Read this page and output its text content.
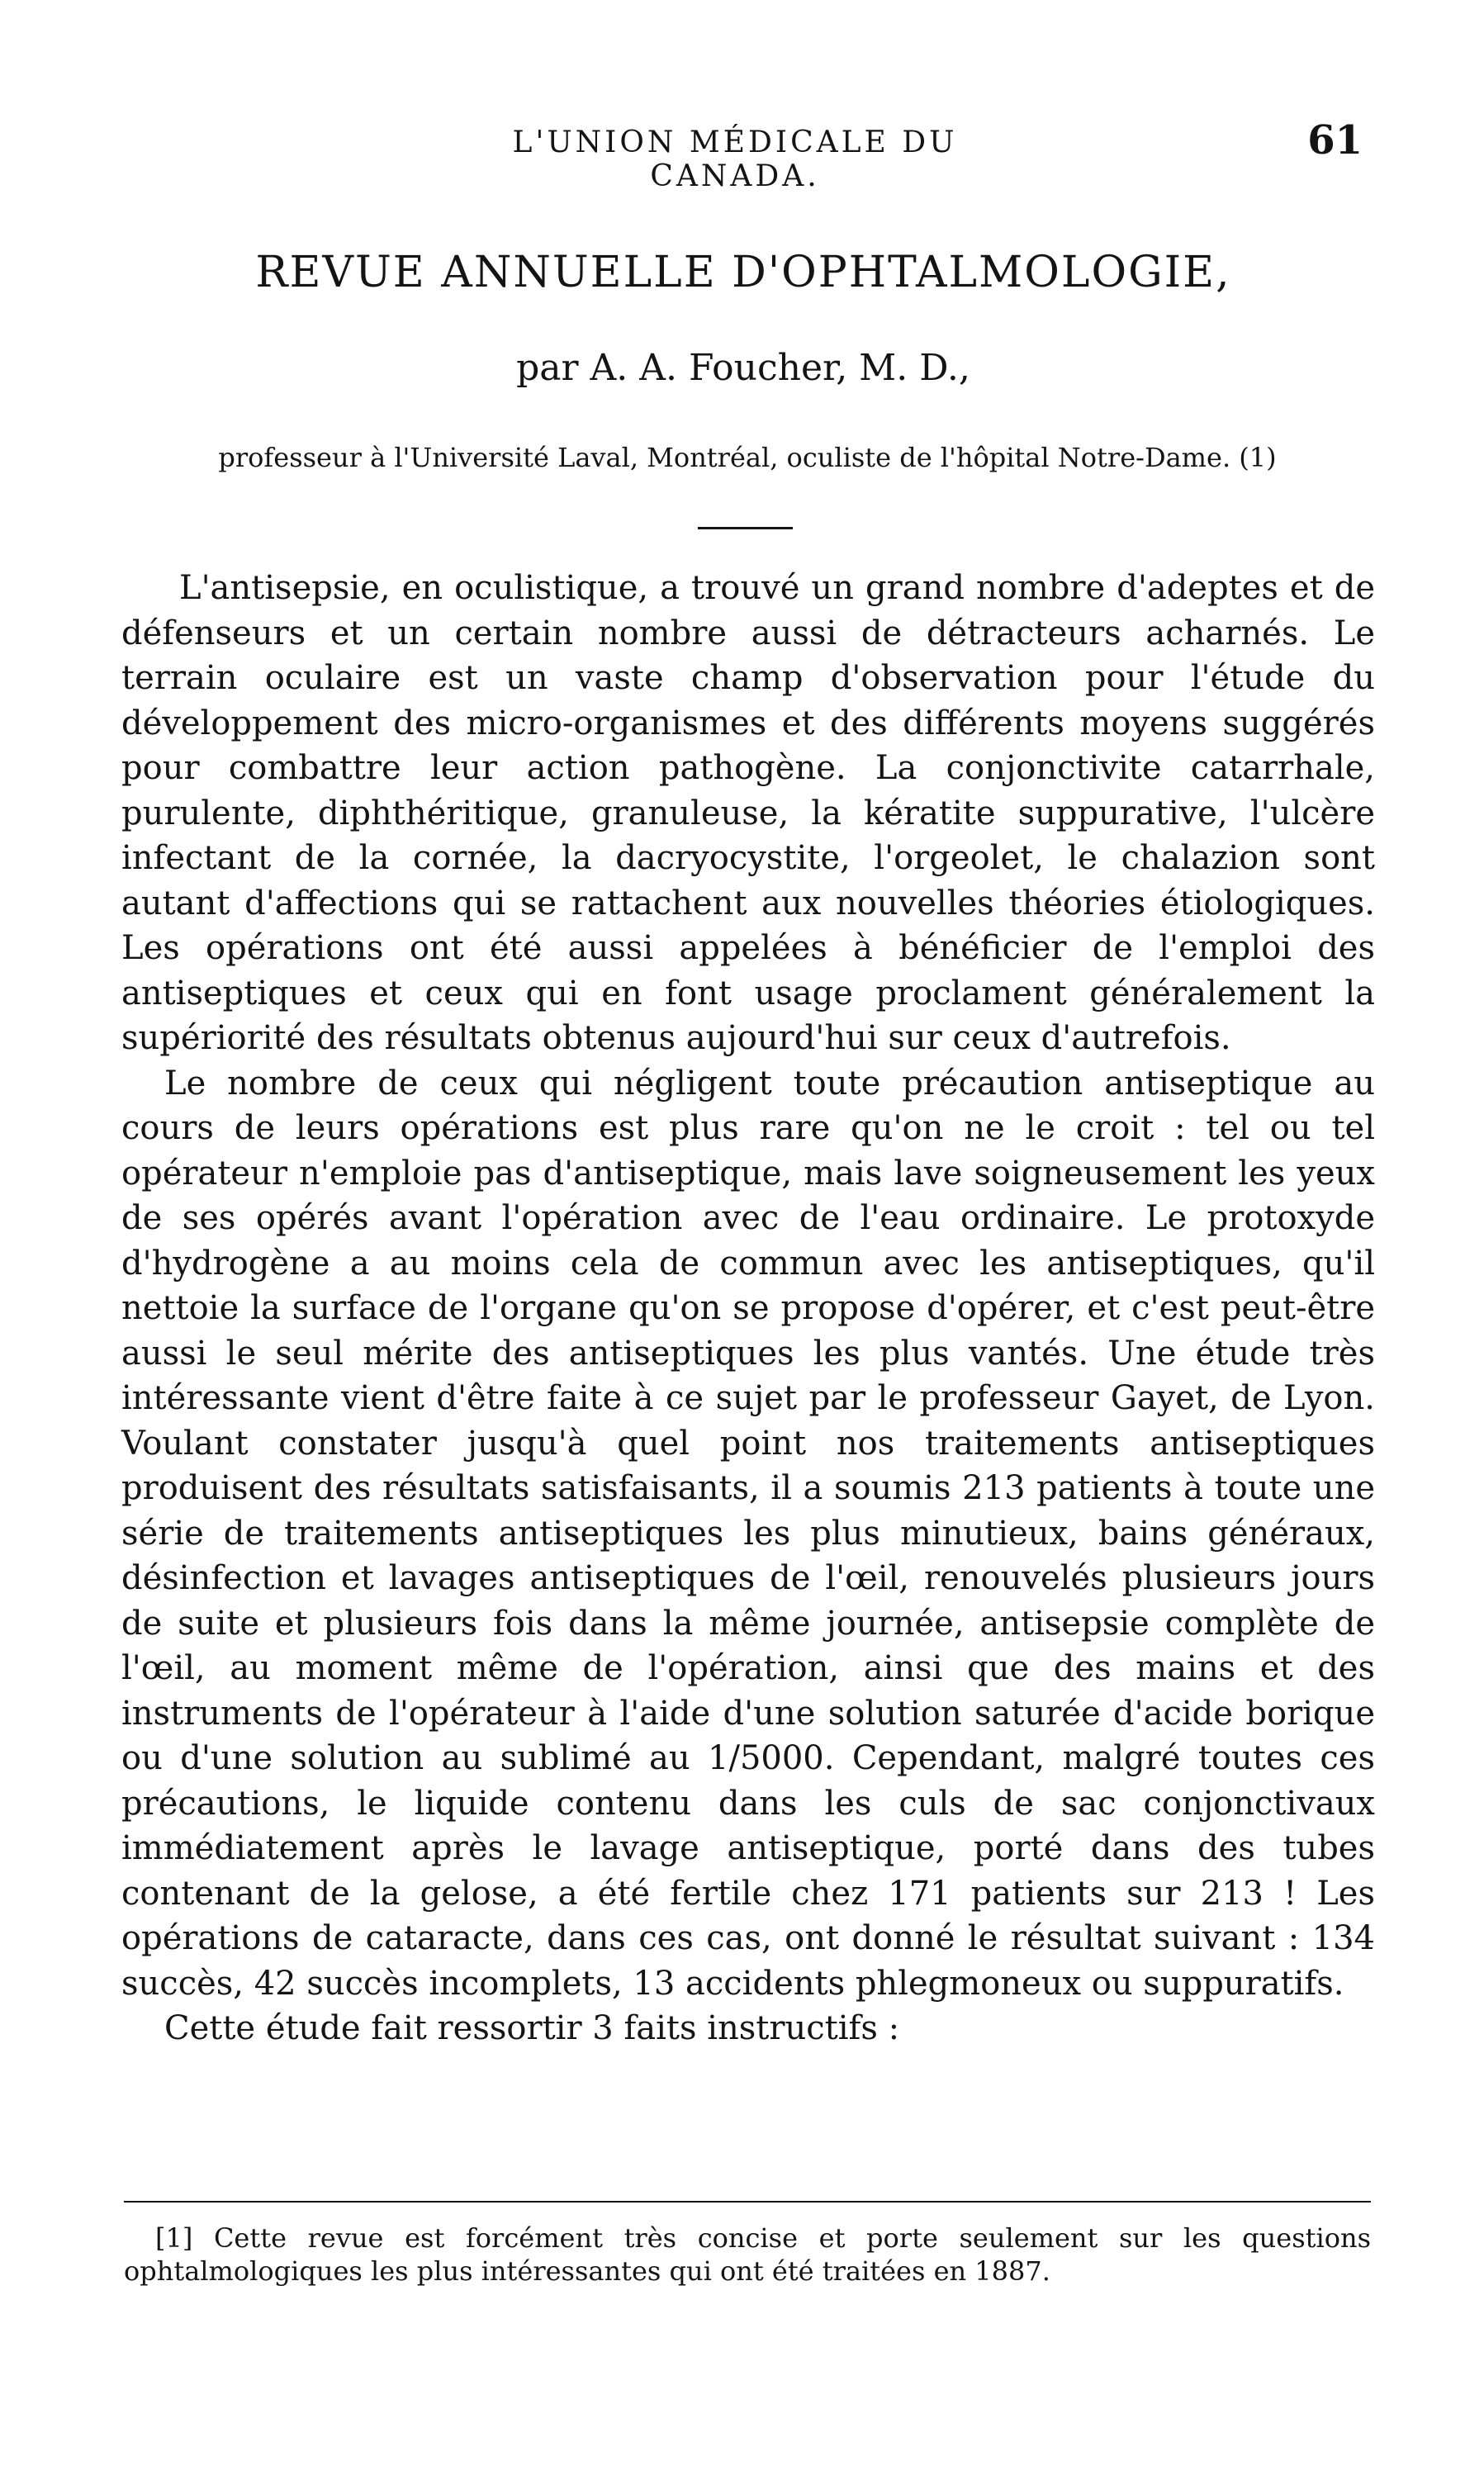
L'UNION MÉDICALE DU CANADA.
61
REVUE ANNUELLE D'OPHTALMOLOGIE,
par A. A. Foucher, M. D.,
professeur à l'Université Laval, Montréal, oculiste de l'hôpital Notre-Dame. (1)

L'antisepsie, en oculistique, a trouvé un grand nombre d'adeptes et de défenseurs et un certain nombre aussi de détracteurs acharnés. Le terrain oculaire est un vaste champ d'observation pour l'étude du développement des micro-organismes et des différents moyens suggérés pour combattre leur action pathogène. La conjonctivite catarrhale, purulente, diphthéritique, granuleuse, la kératite suppurative, l'ulcère infectant de la cornée, la dacryocystite, l'orgeolet, le chalazion sont autant d'affections qui se rattachent aux nouvelles théories étiologiques. Les opérations ont été aussi appelées à bénéficier de l'emploi des antiseptiques et ceux qui en font usage proclament généralement la supériorité des résultats obtenus aujourd'hui sur ceux d'autrefois.

Le nombre de ceux qui négligent toute précaution antiseptique au cours de leurs opérations est plus rare qu'on ne le croit : tel ou tel opérateur n'emploie pas d'antiseptique, mais lave soigneusement les yeux de ses opérés avant l'opération avec de l'eau ordinaire. Le protoxyde d'hydrogène a au moins cela de commun avec les antiseptiques, qu'il nettoie la surface de l'organe qu'on se propose d'opérer, et c'est peut-être aussi le seul mérite des antiseptiques les plus vantés. Une étude très intéressante vient d'être faite à ce sujet par le professeur Gayet, de Lyon. Voulant constater jusqu'à quel point nos traitements antiseptiques produisent des résultats satisfaisants, il a soumis 213 patients à toute une série de traitements antiseptiques les plus minutieux, bains généraux, désinfection et lavages antiseptiques de l'œil, renouvelés plusieurs jours de suite et plusieurs fois dans la même journée, antisepsie complète de l'œil, au moment même de l'opération, ainsi que des mains et des instruments de l'opérateur à l'aide d'une solution saturée d'acide borique ou d'une solution au sublimé au 1/5000. Cependant, malgré toutes ces précautions, le liquide contenu dans les culs de sac conjonctivaux immédiatement après le lavage antiseptique, porté dans des tubes contenant de la gelose, a été fertile chez 171 patients sur 213 ! Les opérations de cataracte, dans ces cas, ont donné le résultat suivant : 134 succès, 42 succès incomplets, 13 accidents phlegmoneux ou suppuratifs.

Cette étude fait ressortir 3 faits instructifs :

[1] Cette revue est forcément très concise et porte seulement sur les questions ophtalmologiques les plus intéressantes qui ont été traitées en 1887.
